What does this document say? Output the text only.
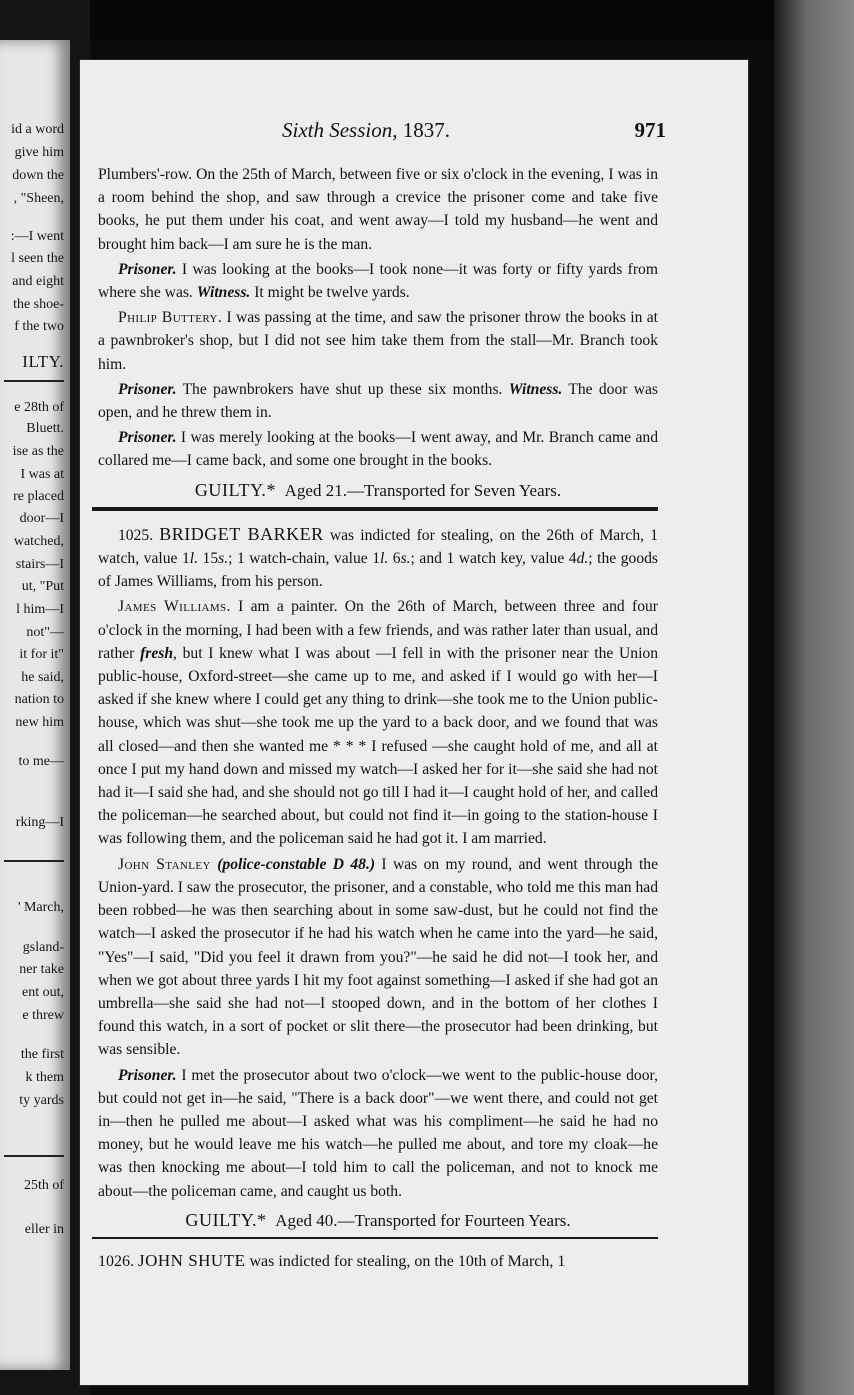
id a word

give him

down the

, "Sheen,

:—I went

l seen the

and eight

the shoe-

f the two

ILTY.

e 28th of

Bluett.

ise as the

I was at

re placed

door—I

watched,

stairs—I

ut, "Put

l him—I

not"—

it for it"

he said,

nation to

new him

to me—

rking—I

' March,

gsland-

ner take

ent out,

e threw

the first

k them

ty yards

25th of

eller in

Sixth Session, 1837.	971

Plumbers'-row. On the 25th of March, between five or six o'clock in the evening, I was in a room behind the shop, and saw through a crevice the prisoner come and take five books, he put them under his coat, and went away—I told my husband—he went and brought him back—I am sure he is the man.

Prisoner. I was looking at the books—I took none—it was forty or fifty yards from where she was. Witness. It might be twelve yards.

Philip Buttery. I was passing at the time, and saw the prisoner throw the books in at a pawnbroker's shop, but I did not see him take them from the stall—Mr. Branch took him.

Prisoner. The pawnbrokers have shut up these six months. Witness. The door was open, and he threw them in.

Prisoner. I was merely looking at the books—I went away, and Mr. Branch came and collared me—I came back, and some one brought in the books.

GUILTY.* Aged 21.—Transported for Seven Years.

1025. BRIDGET BARKER was indicted for stealing, on the 26th of March, 1 watch, value 1l. 15s.; 1 watch-chain, value 1l. 6s.; and 1 watch key, value 4d.; the goods of James Williams, from his person.

James Williams. I am a painter. On the 26th of March, between three and four o'clock in the morning, I had been with a few friends, and was rather later than usual, and rather fresh, but I knew what I was about —I fell in with the prisoner near the Union public-house, Oxford-street—she came up to me, and asked if I would go with her—I asked if she knew where I could get any thing to drink—she took me to the Union public-house, which was shut—she took me up the yard to a back door, and we found that was all closed—and then she wanted me * * * I refused —she caught hold of me, and all at once I put my hand down and missed my watch—I asked her for it—she said she had not had it—I said she had, and she should not go till I had it—I caught hold of her, and called the policeman—he searched about, but could not find it—in going to the station-house I was following them, and the policeman said he had got it. I am married.

John Stanley (police-constable D 48.) I was on my round, and went through the Union-yard. I saw the prosecutor, the prisoner, and a constable, who told me this man had been robbed—he was then searching about in some saw-dust, but he could not find the watch—I asked the prosecutor if he had his watch when he came into the yard—he said, "Yes"—I said, "Did you feel it drawn from you?"—he said he did not—I took her, and when we got about three yards I hit my foot against something—I asked if she had got an umbrella—she said she had not—I stooped down, and in the bottom of her clothes I found this watch, in a sort of pocket or slit there—the prosecutor had been drinking, but was sensible.

Prisoner. I met the prosecutor about two o'clock—we went to the public-house door, but could not get in—he said, "There is a back door"—we went there, and could not get in—then he pulled me about—I asked what was his compliment—he said he had no money, but he would leave me his watch—he pulled me about, and tore my cloak—he was then knocking me about—I told him to call the policeman, and not to knock me about—the policeman came, and caught us both.

GUILTY.* Aged 40.—Transported for Fourteen Years.

1026. JOHN SHUTE was indicted for stealing, on the 10th of March, 1
